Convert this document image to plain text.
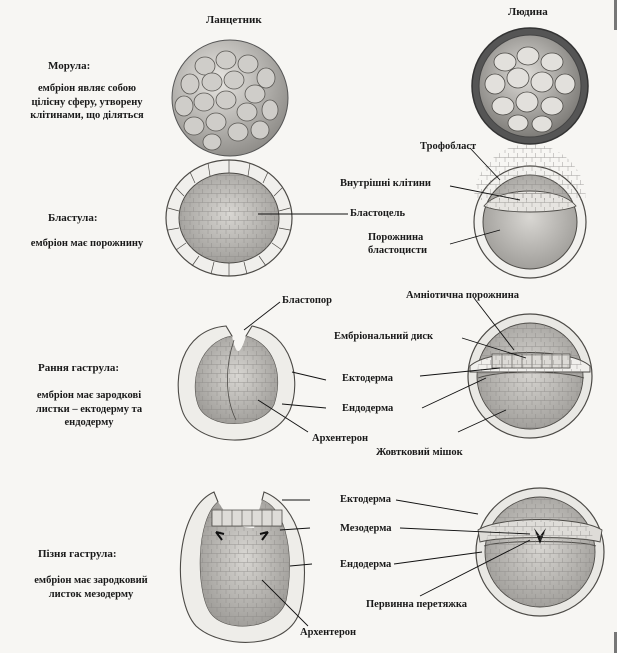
Ланцетник
Людина
Морула:
ембріон являє собою
цілісну сферу, утворену
клітинами, що діляться
Бластула:
ембріон має порожнину
Рання гаструла:
ембріон має зародкові
листки – ектодерму та
ендодерму
Пізня гаструла:
ембріон має зародковий
листок мезодерму
Бластоцель
Трофобласт
Внутрішні клітини
Порожнина
бластоцисти
Бластопор	Амніотична порожнина
Ембріональний диск
Ектодерма
Ендодерма
Архентерон
Жовтковий мішок
Ектодерма
Мезодерма
Ендодерма
Первинна перетяжка
Архентерон
